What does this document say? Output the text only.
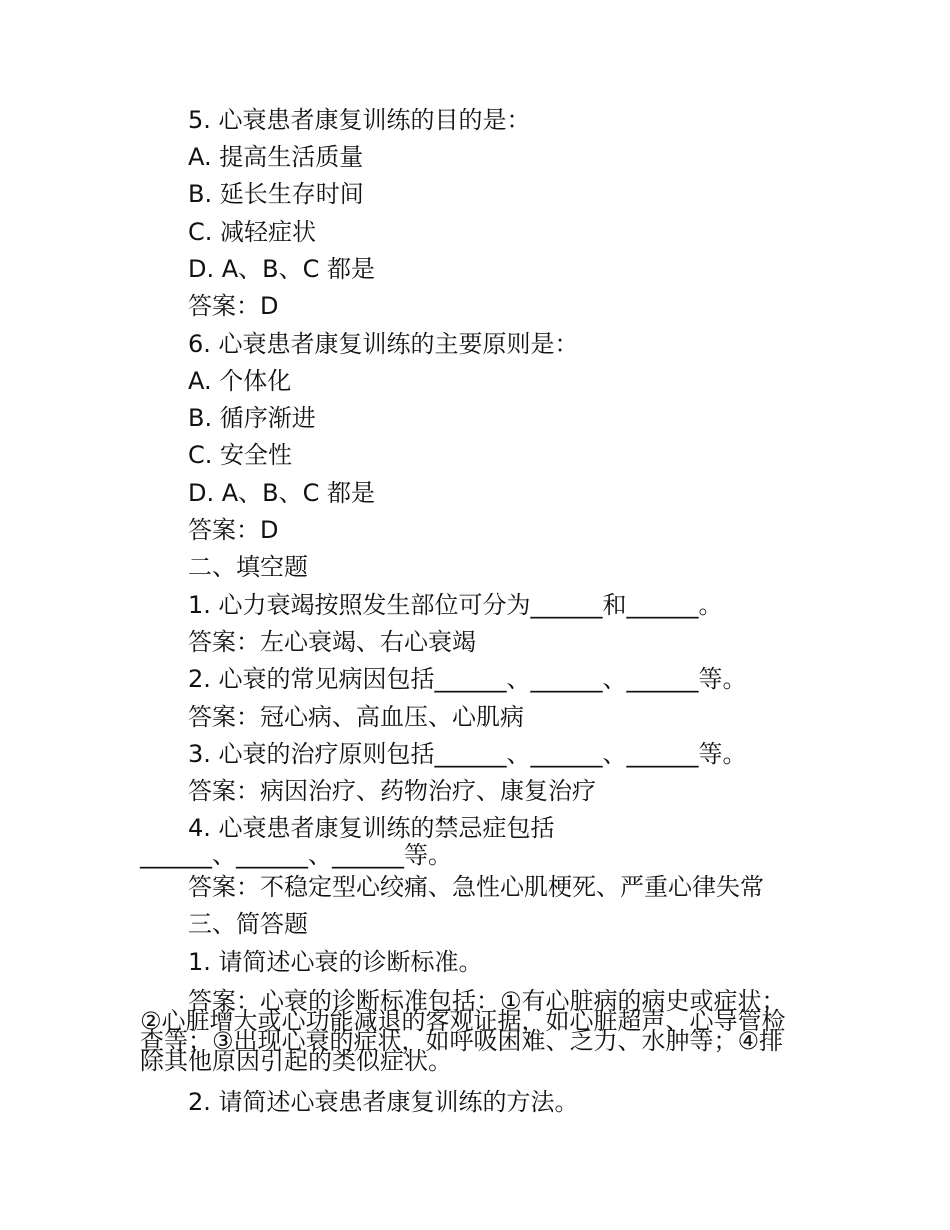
5. 心衰患者康复训练的目的是：

A. 提高生活质量

B. 延长生存时间

C. 减轻症状

D. A、B、C 都是

答案：D

6. 心衰患者康复训练的主要原则是：

A. 个体化

B. 循序渐进

C. 安全性

D. A、B、C 都是

答案：D

二、填空题

1. 心力衰竭按照发生部位可分为______和______。

答案：左心衰竭、右心衰竭

2. 心衰的常见病因包括______、______、______等。

答案：冠心病、高血压、心肌病

3. 心衰的治疗原则包括______、______、______等。

答案：病因治疗、药物治疗、康复治疗

4. 心衰患者康复训练的禁忌症包括

______、______、______等。

答案：不稳定型心绞痛、急性心肌梗死、严重心律失常

三、简答题

1. 请简述心衰的诊断标准。

答案：心衰的诊断标准包括：①有心脏病的病史或症状；

②心脏增大或心功能减退的客观证据，如心脏超声、心导管检

查等；③出现心衰的症状，如呼吸困难、乏力、水肿等；④排

除其他原因引起的类似症状。

2. 请简述心衰患者康复训练的方法。
